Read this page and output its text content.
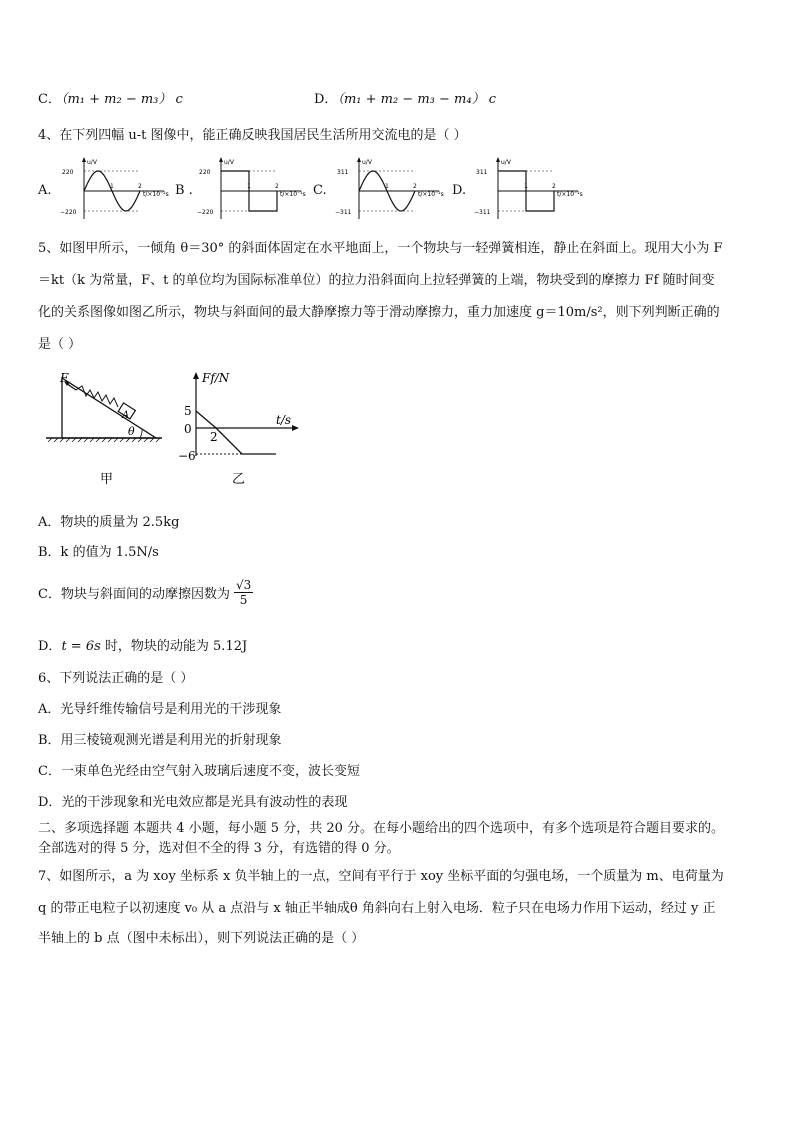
C．（m₁ + m₂ − m₃） c	D．（m₁ + m₂ − m₃ − m₄） c
4、在下列四幅 u-t 图像中，能正确反映我国居民生活所用交流电的是（ ）
A.
u/V
220
−220
1	2
t/×10⁻²s B .
u/V
220
−220
1	2
t/×10⁻²s C.
u/V
311
−311
1	2
t/×10⁻²s D.
u/V
311
−311
1	2
t/×10⁻²s
5、如图甲所示，一倾角 θ＝30° 的斜面体固定在水平地面上，一个物块与一轻弹簧相连，静止在斜面上。现用大小为 F
＝kt（k 为常量，F、t 的单位均为国际标准单位）的拉力沿斜面向上拉轻弹簧的上端，物块受到的摩擦力 Ff 随时间变
化的关系图像如图乙所示，物块与斜面间的最大静摩擦力等于滑动摩擦力，重力加速度 g＝10m/s²，则下列判断正确的
是（ ）
A
F
θ
甲
Ff/N
t/s
5
0
−6
2
乙
A．物块的质量为 2.5kg
B．k 的值为 1.5N/s
C．物块与斜面间的动摩擦因数为 $\frac{√3}{5}$
D．t = 6s 时，物块的动能为 5.12J
6、下列说法正确的是（ ）
A．光导纤维传输信号是利用光的干涉现象
B．用三棱镜观测光谱是利用光的折射现象
C．一束单色光经由空气射入玻璃后速度不变，波长变短
D．光的干涉现象和光电效应都是光具有波动性的表现
二、多项选择题 本题共 4 小题，每小题 5 分，共 20 分。在每小题给出的四个选项中，有多个选项是符合题目要求的。
全部选对的得 5 分，选对但不全的得 3 分，有选错的得 0 分。
7、如图所示，a 为 xoy 坐标系 x 负半轴上的一点，空间有平行于 xoy 坐标平面的匀强电场，一个质量为 m、电荷量为
q 的带正电粒子以初速度 v₀ 从 a 点沿与 x 轴正半轴成θ 角斜向右上射入电场．粒子只在电场力作用下运动，经过 y 正
半轴上的 b 点（图中未标出），则下列说法正确的是（ ）
